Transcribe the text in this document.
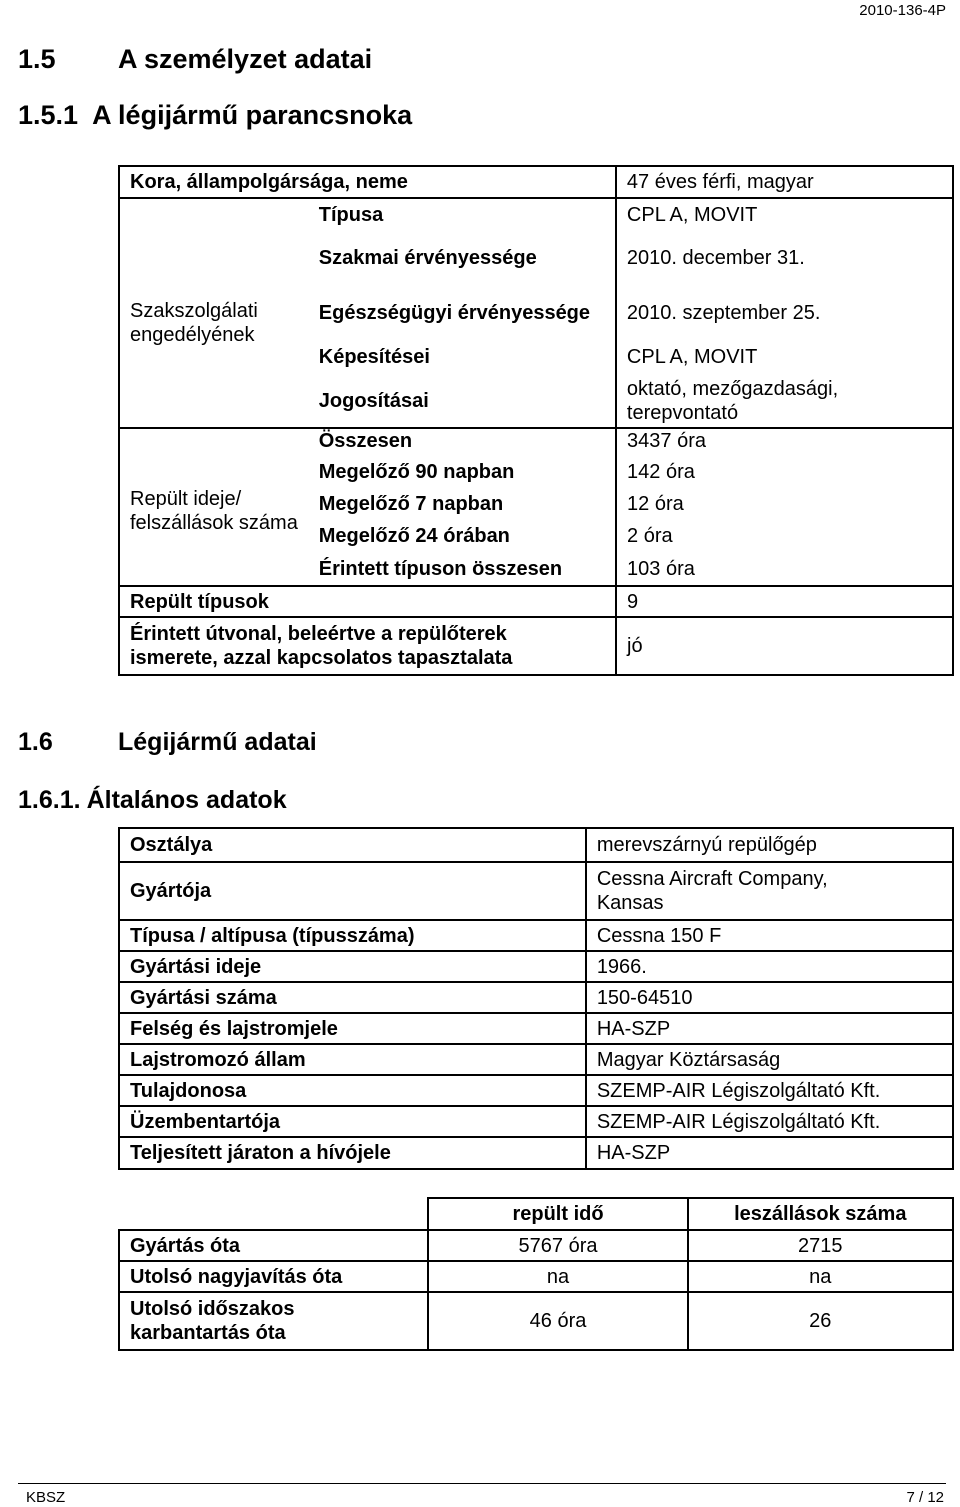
2010-136-4P
1.5 A személyzet adatai
1.5.1 A légijármű parancsnoka
Kora, állampolgársága, neme		47 éves férfi, magyar
Szakszolgálati engedélyének	Típusa	CPL A, MOVIT
	Szakmai érvényessége	2010. december 31.
	Egészségügyi érvényessége	2010. szeptember 25.
	Képesítései	CPL A, MOVIT
	Jogosításai	oktató, mezőgazdasági, terepvontató
Repült ideje/ felszállások száma	Összesen	3437 óra
	Megelőző 90 napban	142 óra
	Megelőző 7 napban	12 óra
	Megelőző 24 órában	2 óra
	Érintett típuson összesen	103 óra
Repült típusok		9
Érintett útvonal, beleértve a repülőterek ismerete, azzal kapcsolatos tapasztalata		jó
1.6	Légijármű adatai
1.6.1. Általános adatok
Osztálya	merevszárnyú repülőgép
Gyártója	Cessna Aircraft Company, Kansas
Típusa / altípusa (típusszáma)	Cessna 150 F
Gyártási ideje	1966.
Gyártási száma	150-64510
Felség és lajstromjele	HA-SZP
Lajstromozó állam	Magyar Köztársaság
Tulajdonosa	SZEMP-AIR Légiszolgáltató Kft.
Üzembentartója	SZEMP-AIR Légiszolgáltató Kft.
Teljesített járaton a hívójele	HA-SZP
	repült idő	leszállások száma
Gyártás óta	5767 óra	2715
Utolsó nagyjavítás óta	na	na
Utolsó időszakos karbantartás óta	46 óra	26
KBSZ	7 / 12
